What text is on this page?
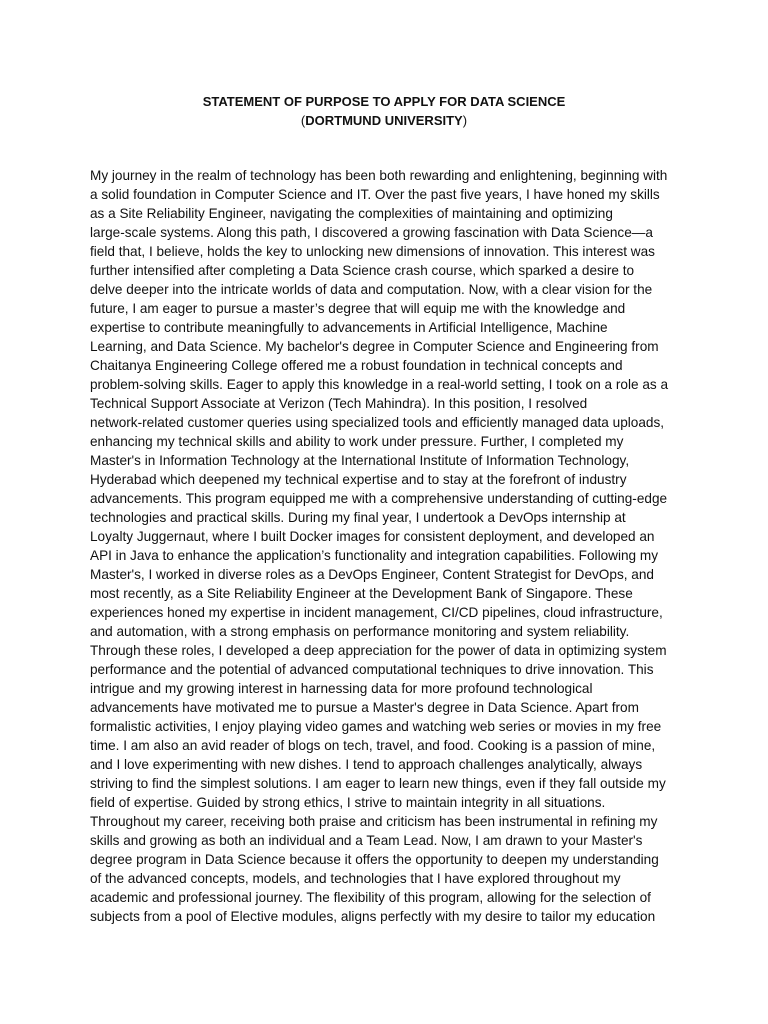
STATEMENT OF PURPOSE TO APPLY FOR DATA SCIENCE
(DORTMUND UNIVERSITY)
My journey in the realm of technology has been both rewarding and enlightening, beginning with
a solid foundation in Computer Science and IT. Over the past five years, I have honed my skills
as a Site Reliability Engineer, navigating the complexities of maintaining and optimizing
large-scale systems. Along this path, I discovered a growing fascination with Data Science—a
field that, I believe, holds the key to unlocking new dimensions of innovation. This interest was
further intensified after completing a Data Science crash course, which sparked a desire to
delve deeper into the intricate worlds of data and computation. Now, with a clear vision for the
future, I am eager to pursue a master’s degree that will equip me with the knowledge and
expertise to contribute meaningfully to advancements in Artificial Intelligence, Machine
Learning, and Data Science. My bachelor's degree in Computer Science and Engineering from
Chaitanya Engineering College offered me a robust foundation in technical concepts and
problem-solving skills. Eager to apply this knowledge in a real-world setting, I took on a role as a
Technical Support Associate at Verizon (Tech Mahindra). In this position, I resolved
network-related customer queries using specialized tools and efficiently managed data uploads,
enhancing my technical skills and ability to work under pressure. Further, I completed my
Master's in Information Technology at the International Institute of Information Technology,
Hyderabad which deepened my technical expertise and to stay at the forefront of industry
advancements. This program equipped me with a comprehensive understanding of cutting-edge
technologies and practical skills. During my final year, I undertook a DevOps internship at
Loyalty Juggernaut, where I built Docker images for consistent deployment, and developed an
API in Java to enhance the application’s functionality and integration capabilities. Following my
Master's, I worked in diverse roles as a DevOps Engineer, Content Strategist for DevOps, and
most recently, as a Site Reliability Engineer at the Development Bank of Singapore. These
experiences honed my expertise in incident management, CI/CD pipelines, cloud infrastructure,
and automation, with a strong emphasis on performance monitoring and system reliability.
Through these roles, I developed a deep appreciation for the power of data in optimizing system
performance and the potential of advanced computational techniques to drive innovation. This
intrigue and my growing interest in harnessing data for more profound technological
advancements have motivated me to pursue a Master's degree in Data Science. Apart from
formalistic activities, I enjoy playing video games and watching web series or movies in my free
time. I am also an avid reader of blogs on tech, travel, and food. Cooking is a passion of mine,
and I love experimenting with new dishes. I tend to approach challenges analytically, always
striving to find the simplest solutions. I am eager to learn new things, even if they fall outside my
field of expertise. Guided by strong ethics, I strive to maintain integrity in all situations.
Throughout my career, receiving both praise and criticism has been instrumental in refining my
skills and growing as both an individual and a Team Lead. Now, I am drawn to your Master's
degree program in Data Science because it offers the opportunity to deepen my understanding
of the advanced concepts, models, and technologies that I have explored throughout my
academic and professional journey. The flexibility of this program, allowing for the selection of
subjects from a pool of Elective modules, aligns perfectly with my desire to tailor my education
